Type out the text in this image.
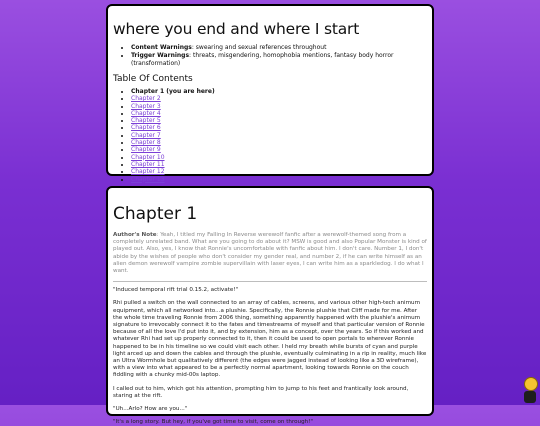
where you end and where I start
• Content Warnings: swearing and sexual references throughout
• Trigger Warnings: threats, misgendering, homophobia mentions, fantasy body horror (transformation)
Table Of Contents
• Chapter 1 (you are here)
• Chapter 2
• Chapter 3
• Chapter 4
• Chapter 5
• Chapter 6
• Chapter 7
• Chapter 8
• Chapter 9
• Chapter 10
• Chapter 11
• Chapter 12
• Chapter 13
Chapter 1

Author's Note: Yeah, I titled my Falling In Reverse werewolf fanfic after a werewolf-themed song from a completely unrelated band. What are you going to do about it? MSW is good and also Popular Monster is kind of played out. Also, yes, I know that Ronnie's uncomfortable with fanfic about him. I don't care. Number 1, I don't abide by the wishes of people who don't consider my gender real, and number 2, if he can write himself as an alien demon werewolf vampire zombie supervillain with laser eyes, I can write him as a sparkledog. I do what I want.

"Induced temporal rift trial 0.15.2, activate!"

Rhi pulled a switch on the wall connected to an array of cables, screens, and various other high-tech animum equipment, which all networked into...a plushie. Specifically, the Ronnie plushie that Cliff made for me. After the whole time traveling Ronnie from 2006 thing, something apparently happened with the plushie's animum signature to irrevocably connect it to the fates and timestreams of myself and that particular version of Ronnie because of all the love I'd put into it, and by extension, him as a concept, over the years. So if this worked and whatever Rhi had set up properly connected to it, then it could be used to open portals to wherever Ronnie happened to be in his timeline so we could visit each other. I held my breath while bursts of cyan and purple light arced up and down the cables and through the plushie, eventually culminating in a rip in reality, much like an Ultra Wormhole but qualitatively different (the edges were jagged instead of looking like a 3D wireframe), with a view into what appeared to be a perfectly normal apartment, looking towards Ronnie on the couch fiddling with a chunky mid-00s laptop.

I called out to him, which got his attention, prompting him to jump to his feet and frantically look around, staring at the rift.

"Uh...Arlo? How are you..."

"It's a long story. But hey, if you've got time to visit, come on through!"
